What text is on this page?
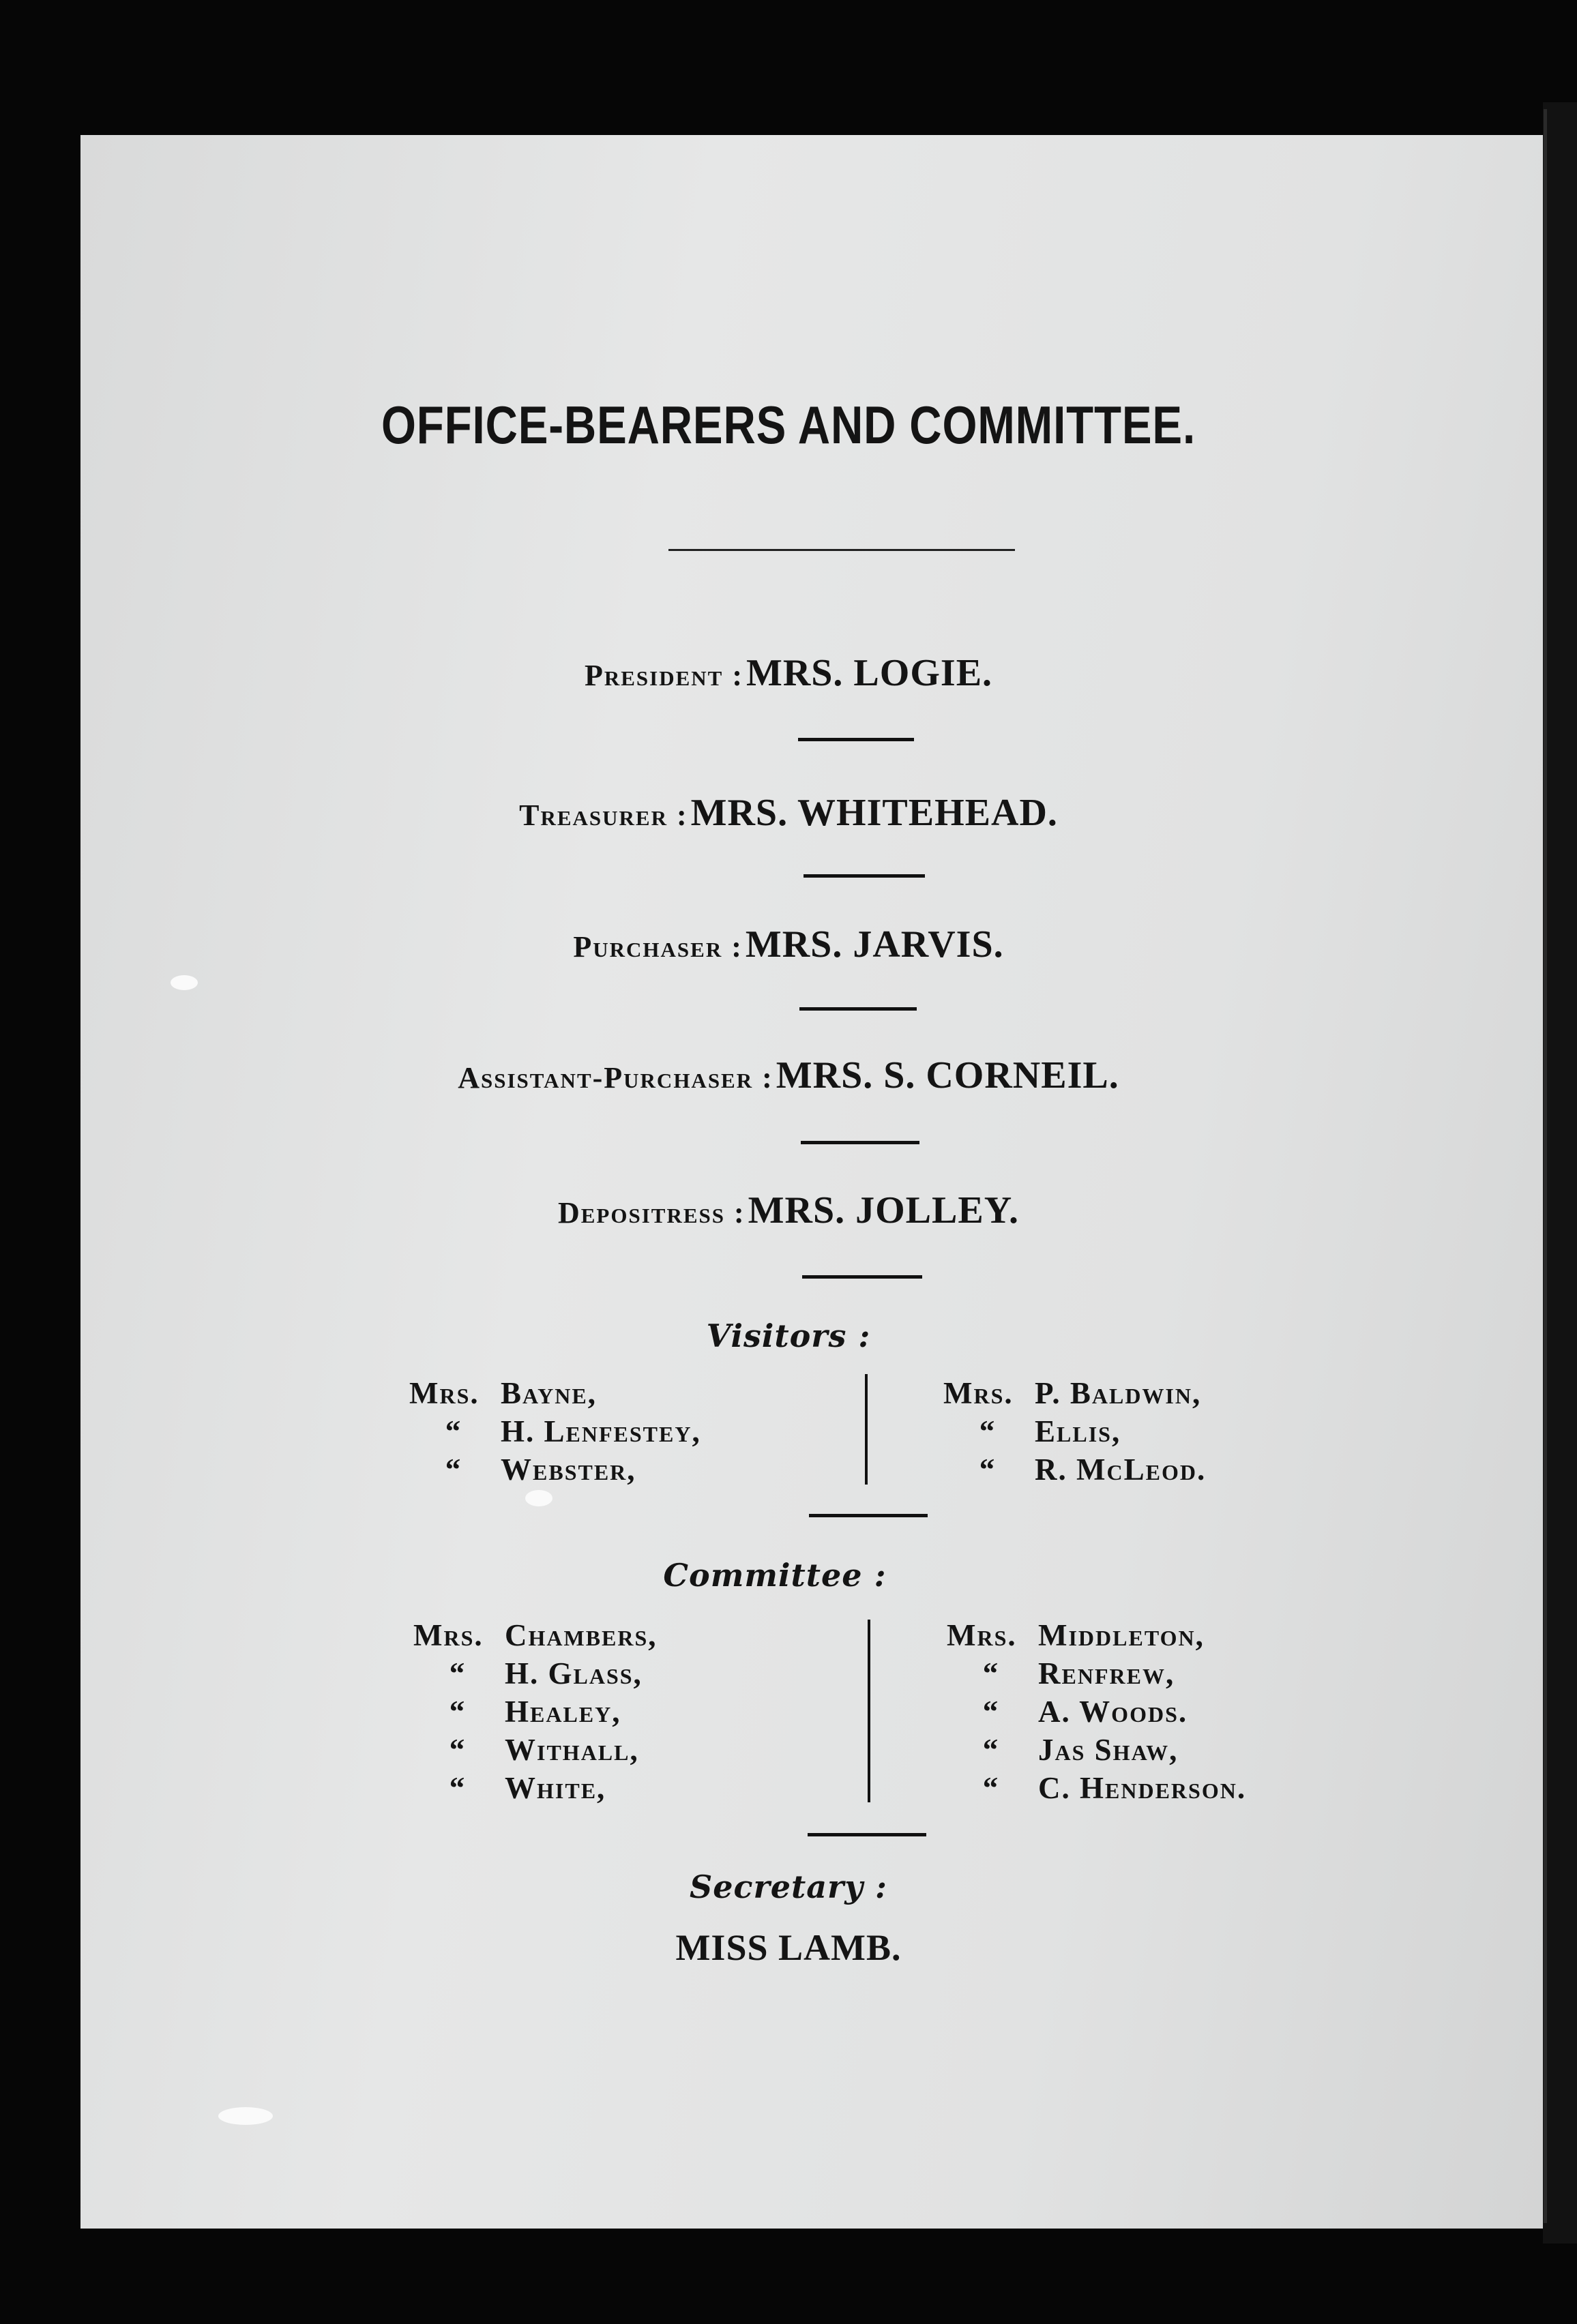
OFFICE-BEARERS AND COMMITTEE.
President : MRS. LOGIE.
Treasurer : MRS. WHITEHEAD.
Purchaser : MRS. JARVIS.
Assistant-Purchaser : MRS. S. CORNEIL.
Depositress : MRS. JOLLEY.
Visitors :
Mrs. Bayne,
“	H. Lenfestey,
“	Webster,
Mrs. P. Baldwin,
“	Ellis,
“	R. McLeod.
Committee :
Mrs. Chambers,
“	H. Glass,
“	Healey,
“	Withall,
“	White,
Mrs. Middleton,
“	Renfrew,
“	A. Woods.
“	Jas Shaw,
“	C. Henderson.
Secretary :
MISS LAMB.
